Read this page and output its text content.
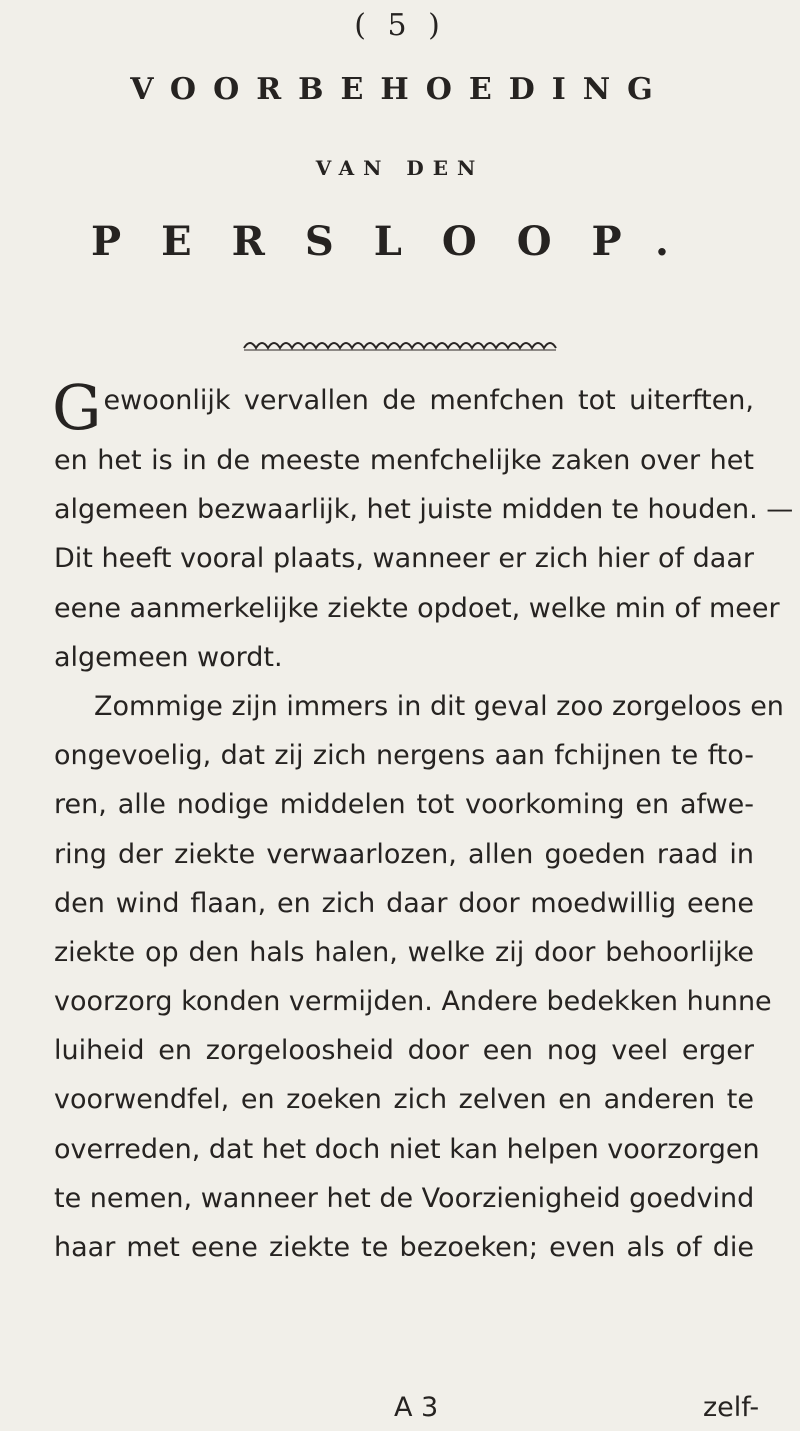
( 5 )
VOORBEHOEDING
VAN DEN
PERSLOOP.
G ewoonlijk vervallen de menfchen tot uiterften,
en het is in de meeste menfchelijke zaken over het
algemeen bezwaarlijk, het juiste midden te houden. —
Dit heeft vooral plaats, wanneer er zich hier of daar
eene aanmerkelijke ziekte opdoet, welke min of meer
algemeen wordt.
Zommige zijn immers in dit geval zoo zorgeloos en
ongevoelig, dat zij zich nergens aan fchijnen te fto-
ren, alle nodige middelen tot voorkoming en afwe-
ring der ziekte verwaarlozen, allen goeden raad in
den wind flaan, en zich daar door moedwillig eene
ziekte op den hals halen, welke zij door behoorlijke
voorzorg konden vermijden. Andere bedekken hunne
luiheid en zorgeloosheid door een nog veel erger
voorwendfel, en zoeken zich zelven en anderen te
overreden, dat het doch niet kan helpen voorzorgen
te nemen, wanneer het de Voorzienigheid goedvind
haar met eene ziekte te bezoeken; even als of die
A 3	zelf-
